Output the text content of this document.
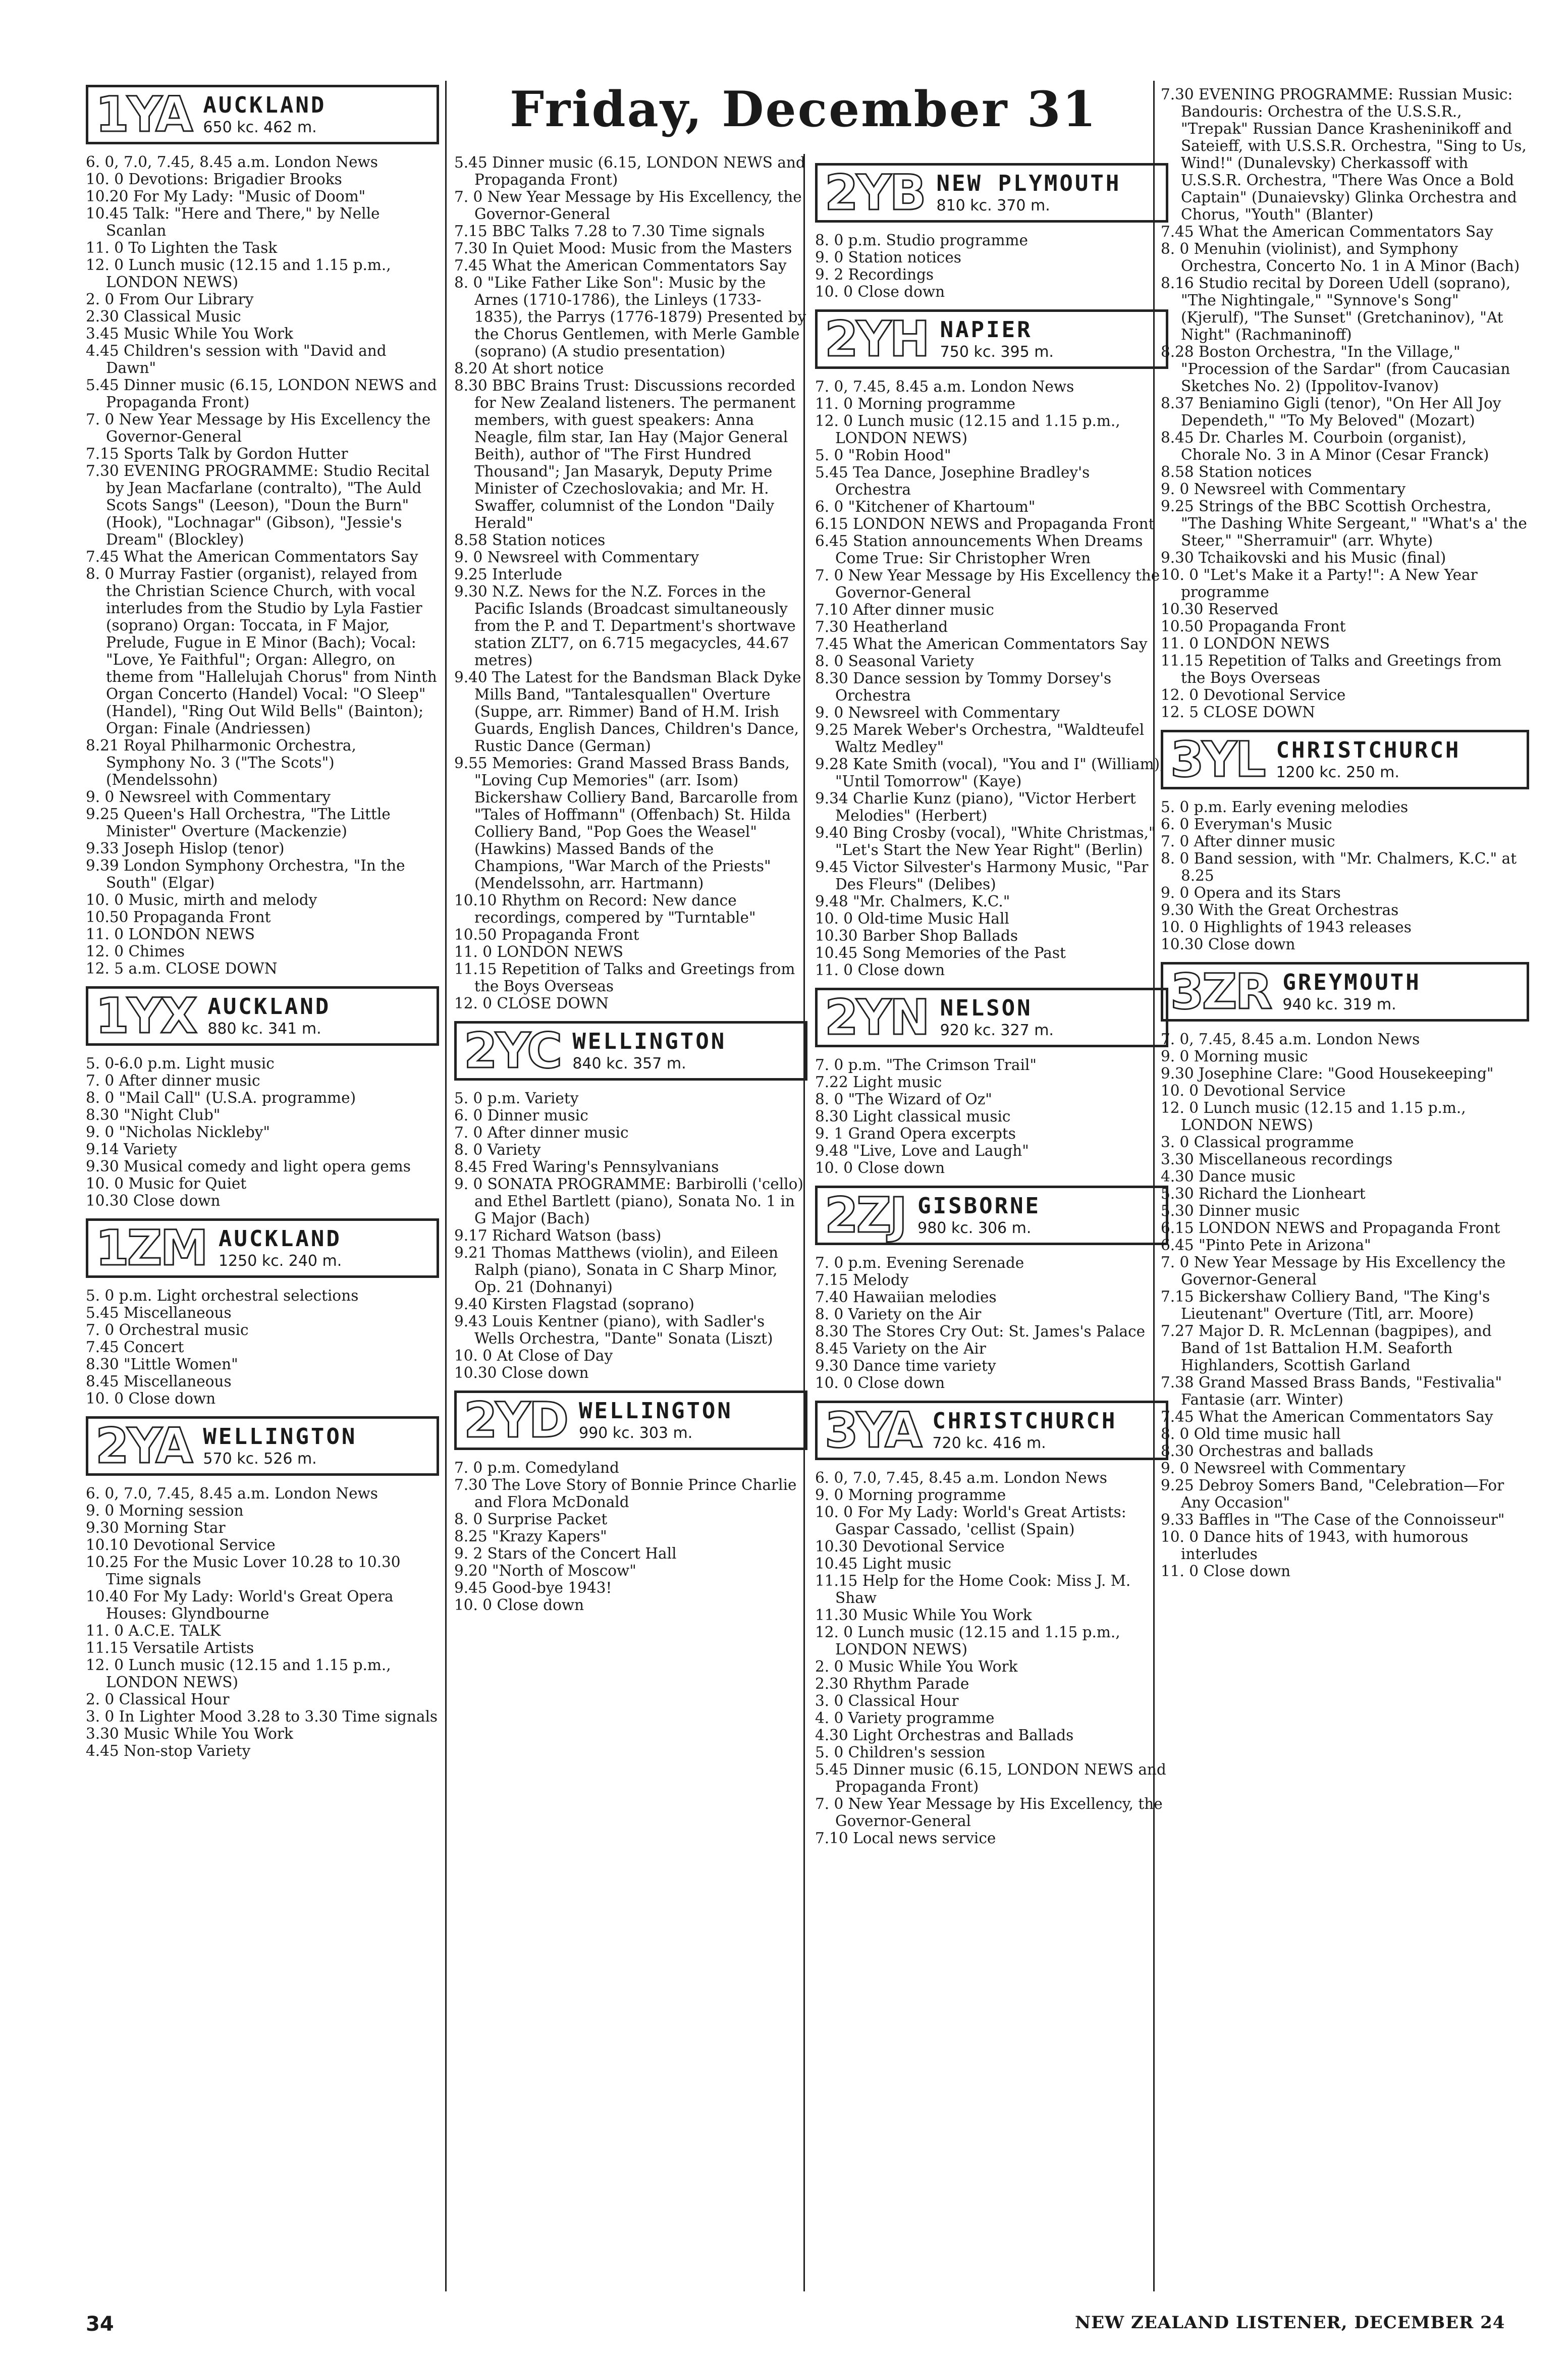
Friday, December 31
1YA AUCKLAND
650 kc. 462 m.

6. 0, 7.0, 7.45, 8.45 a.m. London News

10. 0 Devotions: Brigadier Brooks

10.20 For My Lady: "Music of Doom"

10.45 Talk: "Here and There," by Nelle Scanlan

11. 0 To Lighten the Task

12. 0 Lunch music (12.15 and 1.15 p.m., LONDON NEWS)

2. 0 From Our Library

2.30 Classical Music

3.45 Music While You Work

4.45 Children's session with "David and Dawn"

5.45 Dinner music (6.15, LONDON NEWS and Propaganda Front)

7. 0 New Year Message by His Excellency the Governor-General

7.15 Sports Talk by Gordon Hutter

7.30 EVENING PROGRAMME: Studio Recital by Jean Macfarlane (contralto), "The Auld Scots Sangs" (Leeson), "Doun the Burn" (Hook), "Lochnagar" (Gibson), "Jessie's Dream" (Blockley)

7.45 What the American Commentators Say

8. 0 Murray Fastier (organist), relayed from the Christian Science Church, with vocal interludes from the Studio by Lyla Fastier (soprano) Organ: Toccata, in F Major, Prelude, Fugue in E Minor (Bach); Vocal: "Love, Ye Faithful"; Organ: Allegro, on theme from "Hallelujah Chorus" from Ninth Organ Concerto (Handel) Vocal: "O Sleep" (Handel), "Ring Out Wild Bells" (Bainton); Organ: Finale (Andriessen)

8.21 Royal Philharmonic Orchestra, Symphony No. 3 ("The Scots") (Mendelssohn)

9. 0 Newsreel with Commentary

9.25 Queen's Hall Orchestra, "The Little Minister" Overture (Mackenzie)

9.33 Joseph Hislop (tenor)

9.39 London Symphony Orchestra, "In the South" (Elgar)

10. 0 Music, mirth and melody

10.50 Propaganda Front

11. 0 LONDON NEWS

12. 0 Chimes

12. 5 a.m. CLOSE DOWN

1YX AUCKLAND
880 kc. 341 m.

5. 0-6.0 p.m. Light music

7. 0 After dinner music

8. 0 "Mail Call" (U.S.A. programme)

8.30 "Night Club"

9. 0 "Nicholas Nickleby"

9.14 Variety

9.30 Musical comedy and light opera gems

10. 0 Music for Quiet

10.30 Close down

1ZM AUCKLAND
1250 kc. 240 m.

5. 0 p.m. Light orchestral selections

5.45 Miscellaneous

7. 0 Orchestral music

7.45 Concert

8.30 "Little Women"

8.45 Miscellaneous

10. 0 Close down

2YA WELLINGTON
570 kc. 526 m.

6. 0, 7.0, 7.45, 8.45 a.m. London News

9. 0 Morning session

9.30 Morning Star

10.10 Devotional Service

10.25 For the Music Lover 10.28 to 10.30 Time signals

10.40 For My Lady: World's Great Opera Houses: Glyndbourne

11. 0 A.C.E. TALK

11.15 Versatile Artists

12. 0 Lunch music (12.15 and 1.15 p.m., LONDON NEWS)

2. 0 Classical Hour

3. 0 In Lighter Mood 3.28 to 3.30 Time signals

3.30 Music While You Work

4.45 Non-stop Variety

5.45 Dinner music (6.15, LONDON NEWS and Propaganda Front)

7. 0 New Year Message by His Excellency, the Governor-General

7.15 BBC Talks 7.28 to 7.30 Time signals

7.30 In Quiet Mood: Music from the Masters

7.45 What the American Commentators Say

8. 0 "Like Father Like Son": Music by the Arnes (1710-1786), the Linleys (1733-1835), the Parrys (1776-1879) Presented by the Chorus Gentlemen, with Merle Gamble (soprano) (A studio presentation)

8.20 At short notice

8.30 BBC Brains Trust: Discussions recorded for New Zealand listeners. The permanent members, with guest speakers: Anna Neagle, film star, Ian Hay (Major General Beith), author of "The First Hundred Thousand"; Jan Masaryk, Deputy Prime Minister of Czechoslovakia; and Mr. H. Swaffer, columnist of the London "Daily Herald"

8.58 Station notices

9. 0 Newsreel with Commentary

9.25 Interlude

9.30 N.Z. News for the N.Z. Forces in the Pacific Islands (Broadcast simultaneously from the P. and T. Department's shortwave station ZLT7, on 6.715 megacycles, 44.67 metres)

9.40 The Latest for the Bandsman Black Dyke Mills Band, "Tantalesquallen" Overture (Suppe, arr. Rimmer) Band of H.M. Irish Guards, English Dances, Children's Dance, Rustic Dance (German)

9.55 Memories: Grand Massed Brass Bands, "Loving Cup Memories" (arr. Isom) Bickershaw Colliery Band, Barcarolle from "Tales of Hoffmann" (Offenbach) St. Hilda Colliery Band, "Pop Goes the Weasel" (Hawkins) Massed Bands of the Champions, "War March of the Priests" (Mendelssohn, arr. Hartmann)

10.10 Rhythm on Record: New dance recordings, compered by "Turntable"

10.50 Propaganda Front

11. 0 LONDON NEWS

11.15 Repetition of Talks and Greetings from the Boys Overseas

12. 0 CLOSE DOWN

2YC WELLINGTON
840 kc. 357 m.

5. 0 p.m. Variety

6. 0 Dinner music

7. 0 After dinner music

8. 0 Variety

8.45 Fred Waring's Pennsylvanians

9. 0 SONATA PROGRAMME: Barbirolli ('cello) and Ethel Bartlett (piano), Sonata No. 1 in G Major (Bach)

9.17 Richard Watson (bass)

9.21 Thomas Matthews (violin), and Eileen Ralph (piano), Sonata in C Sharp Minor, Op. 21 (Dohnanyi)

9.40 Kirsten Flagstad (soprano)

9.43 Louis Kentner (piano), with Sadler's Wells Orchestra, "Dante" Sonata (Liszt)

10. 0 At Close of Day

10.30 Close down

2YD WELLINGTON
990 kc. 303 m.

7. 0 p.m. Comedyland

7.30 The Love Story of Bonnie Prince Charlie and Flora McDonald

8. 0 Surprise Packet

8.25 "Krazy Kapers"

9. 2 Stars of the Concert Hall

9.20 "North of Moscow"

9.45 Good-bye 1943!

10. 0 Close down

2YB NEW PLYMOUTH
810 kc. 370 m.

8. 0 p.m. Studio programme

9. 0 Station notices

9. 2 Recordings

10. 0 Close down

2YH NAPIER
750 kc. 395 m.

7. 0, 7.45, 8.45 a.m. London News

11. 0 Morning programme

12. 0 Lunch music (12.15 and 1.15 p.m., LONDON NEWS)

5. 0 "Robin Hood"

5.45 Tea Dance, Josephine Bradley's Orchestra

6. 0 "Kitchener of Khartoum"

6.15 LONDON NEWS and Propaganda Front

6.45 Station announcements When Dreams Come True: Sir Christopher Wren

7. 0 New Year Message by His Excellency the Governor-General

7.10 After dinner music

7.30 Heatherland

7.45 What the American Commentators Say

8. 0 Seasonal Variety

8.30 Dance session by Tommy Dorsey's Orchestra

9. 0 Newsreel with Commentary

9.25 Marek Weber's Orchestra, "Waldteufel Waltz Medley"

9.28 Kate Smith (vocal), "You and I" (William), "Until Tomorrow" (Kaye)

9.34 Charlie Kunz (piano), "Victor Herbert Melodies" (Herbert)

9.40 Bing Crosby (vocal), "White Christmas," "Let's Start the New Year Right" (Berlin)

9.45 Victor Silvester's Harmony Music, "Par Des Fleurs" (Delibes)

9.48 "Mr. Chalmers, K.C."

10. 0 Old-time Music Hall

10.30 Barber Shop Ballads

10.45 Song Memories of the Past

11. 0 Close down

2YN NELSON
920 kc. 327 m.

7. 0 p.m. "The Crimson Trail"

7.22 Light music

8. 0 "The Wizard of Oz"

8.30 Light classical music

9. 1 Grand Opera excerpts

9.48 "Live, Love and Laugh"

10. 0 Close down

2ZJ GISBORNE
980 kc. 306 m.

7. 0 p.m. Evening Serenade

7.15 Melody

7.40 Hawaiian melodies

8. 0 Variety on the Air

8.30 The Stores Cry Out: St. James's Palace

8.45 Variety on the Air

9.30 Dance time variety

10. 0 Close down

3YA CHRISTCHURCH
720 kc. 416 m.

6. 0, 7.0, 7.45, 8.45 a.m. London News

9. 0 Morning programme

10. 0 For My Lady: World's Great Artists: Gaspar Cassado, 'cellist (Spain)

10.30 Devotional Service

10.45 Light music

11.15 Help for the Home Cook: Miss J. M. Shaw

11.30 Music While You Work

12. 0 Lunch music (12.15 and 1.15 p.m., LONDON NEWS)

2. 0 Music While You Work

2.30 Rhythm Parade

3. 0 Classical Hour

4. 0 Variety programme

4.30 Light Orchestras and Ballads

5. 0 Children's session

5.45 Dinner music (6.15, LONDON NEWS and Propaganda Front)

7. 0 New Year Message by His Excellency, the Governor-General

7.10 Local news service

7.30 EVENING PROGRAMME: Russian Music: Bandouris: Orchestra of the U.S.S.R., "Trepak" Russian Dance Krasheninikoff and Sateieff, with U.S.S.R. Orchestra, "Sing to Us, Wind!" (Dunalevsky) Cherkassoff with U.S.S.R. Orchestra, "There Was Once a Bold Captain" (Dunaievsky) Glinka Orchestra and Chorus, "Youth" (Blanter)

7.45 What the American Commentators Say

8. 0 Menuhin (violinist), and Symphony Orchestra, Concerto No. 1 in A Minor (Bach)

8.16 Studio recital by Doreen Udell (soprano), "The Nightingale," "Synnove's Song" (Kjerulf), "The Sunset" (Gretchaninov), "At Night" (Rachmaninoff)

8.28 Boston Orchestra, "In the Village," "Procession of the Sardar" (from Caucasian Sketches No. 2) (Ippolitov-Ivanov)

8.37 Beniamino Gigli (tenor), "On Her All Joy Dependeth," "To My Beloved" (Mozart)

8.45 Dr. Charles M. Courboin (organist), Chorale No. 3 in A Minor (Cesar Franck)

8.58 Station notices

9. 0 Newsreel with Commentary

9.25 Strings of the BBC Scottish Orchestra, "The Dashing White Sergeant," "What's a' the Steer," "Sherramuir" (arr. Whyte)

9.30 Tchaikovski and his Music (final)

10. 0 "Let's Make it a Party!": A New Year programme

10.30 Reserved

10.50 Propaganda Front

11. 0 LONDON NEWS

11.15 Repetition of Talks and Greetings from the Boys Overseas

12. 0 Devotional Service

12. 5 CLOSE DOWN

3YL CHRISTCHURCH
1200 kc. 250 m.

5. 0 p.m. Early evening melodies

6. 0 Everyman's Music

7. 0 After dinner music

8. 0 Band session, with "Mr. Chalmers, K.C." at 8.25

9. 0 Opera and its Stars

9.30 With the Great Orchestras

10. 0 Highlights of 1943 releases

10.30 Close down

3ZR GREYMOUTH
940 kc. 319 m.

7. 0, 7.45, 8.45 a.m. London News

9. 0 Morning music

9.30 Josephine Clare: "Good Housekeeping"

10. 0 Devotional Service

12. 0 Lunch music (12.15 and 1.15 p.m., LONDON NEWS)

3. 0 Classical programme

3.30 Miscellaneous recordings

4.30 Dance music

5.30 Richard the Lionheart

5.30 Dinner music

6.15 LONDON NEWS and Propaganda Front

6.45 "Pinto Pete in Arizona"

7. 0 New Year Message by His Excellency the Governor-General

7.15 Bickershaw Colliery Band, "The King's Lieutenant" Overture (Titl, arr. Moore)

7.27 Major D. R. McLennan (bagpipes), and Band of 1st Battalion H.M. Seaforth Highlanders, Scottish Garland

7.38 Grand Massed Brass Bands, "Festivalia" Fantasie (arr. Winter)

7.45 What the American Commentators Say

8. 0 Old time music hall

8.30 Orchestras and ballads

9. 0 Newsreel with Commentary

9.25 Debroy Somers Band, "Celebration—For Any Occasion"

9.33 Baffles in "The Case of the Connoisseur"

10. 0 Dance hits of 1943, with humorous interludes

11. 0 Close down

34	NEW ZEALAND LISTENER, DECEMBER 24
